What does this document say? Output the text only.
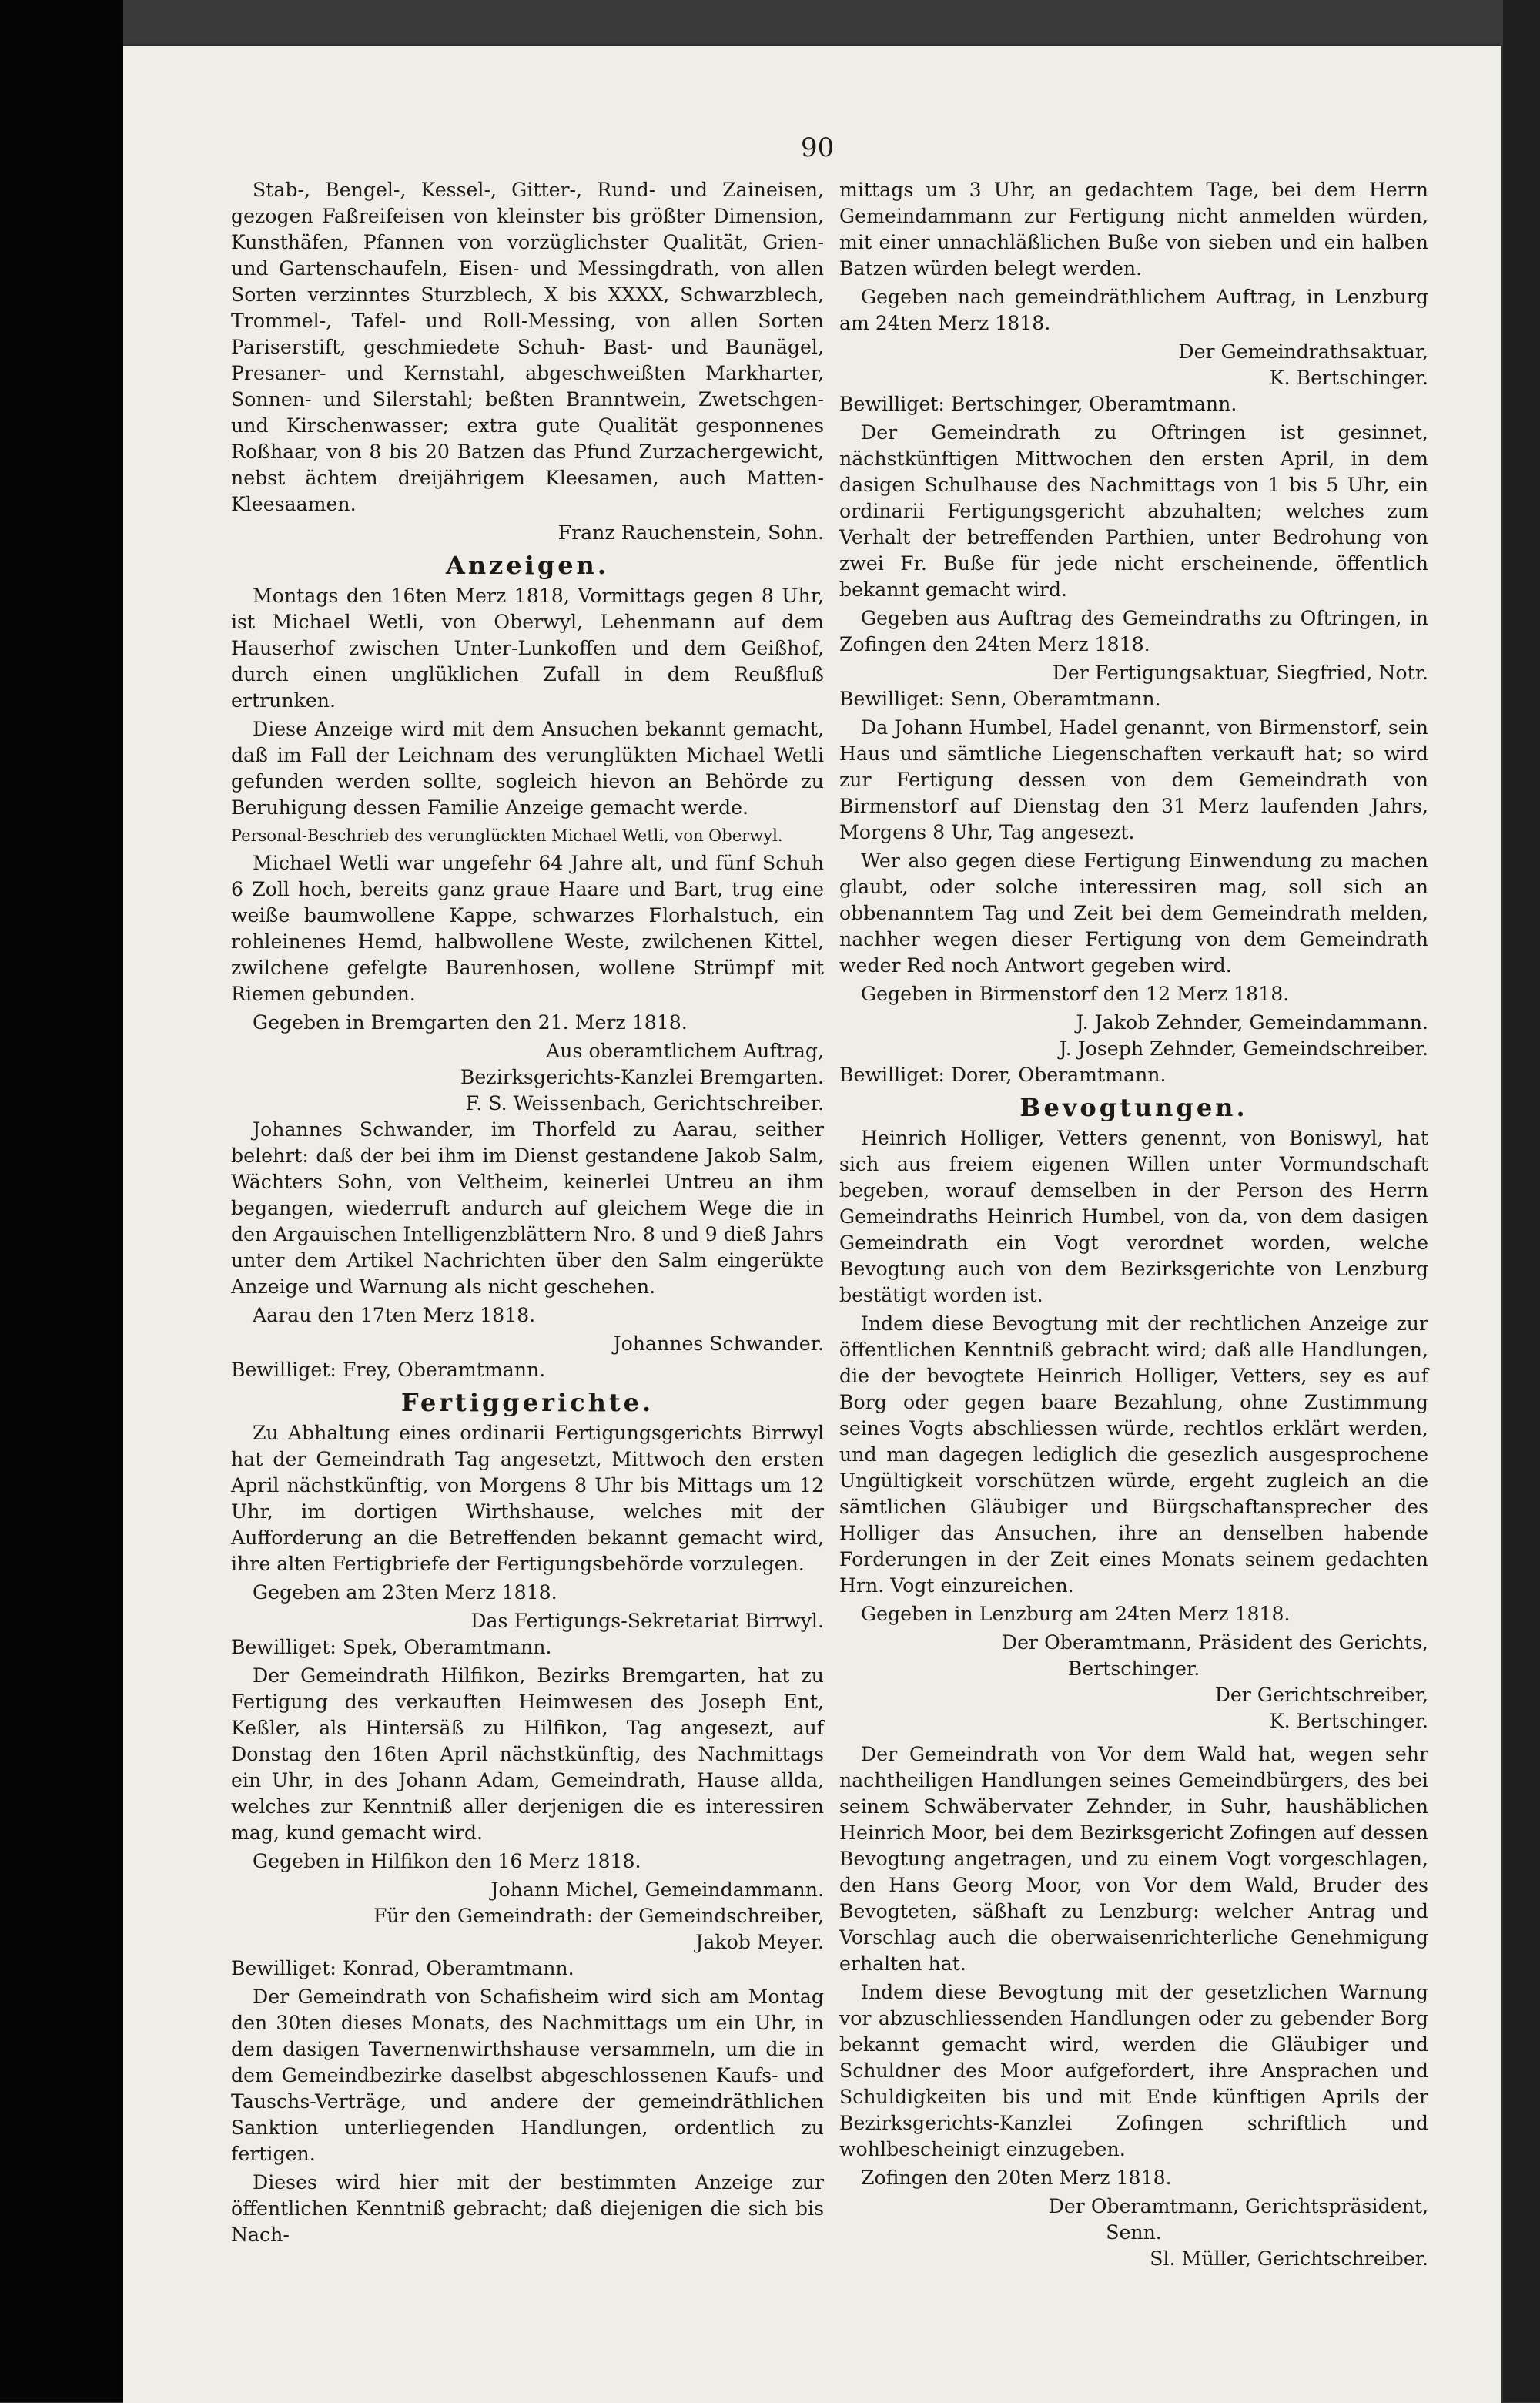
90

Stab-, Bengel-, Kessel-, Gitter-, Rund- und Zaineisen, gezogen Faßreifeisen von kleinster bis größter Dimension, Kunsthäfen, Pfannen von vorzüglichster Qualität, Grien- und Gartenschaufeln, Eisen- und Messingdrath, von allen Sorten verzinntes Sturzblech, X bis XXXX, Schwarzblech, Trommel-, Tafel- und Roll-Messing, von allen Sorten Pariserstift, geschmiedete Schuh- Bast- und Baunägel, Presaner- und Kernstahl, abgeschweißten Markharter, Sonnen- und Silerstahl; beßten Branntwein, Zwetschgen- und Kirschenwasser; extra gute Qualität gesponnenes Roßhaar, von 8 bis 20 Batzen das Pfund Zurzachergewicht, nebst ächtem dreijährigem Kleesamen, auch Matten-Kleesaamen.

Franz Rauchenstein, Sohn.

Anzeigen.

Montags den 16ten Merz 1818, Vormittags gegen 8 Uhr, ist Michael Wetli, von Oberwyl, Lehenmann auf dem Hauserhof zwischen Unter-Lunkoffen und dem Geißhof, durch einen unglüklichen Zufall in dem Reußfluß ertrunken.

Diese Anzeige wird mit dem Ansuchen bekannt gemacht, daß im Fall der Leichnam des verunglükten Michael Wetli gefunden werden sollte, sogleich hievon an Behörde zu Beruhigung dessen Familie Anzeige gemacht werde.

Personal-Beschrieb des verunglückten Michael Wetli, von Oberwyl.

Michael Wetli war ungefehr 64 Jahre alt, und fünf Schuh 6 Zoll hoch, bereits ganz graue Haare und Bart, trug eine weiße baumwollene Kappe, schwarzes Florhalstuch, ein rohleinenes Hemd, halbwollene Weste, zwilchenen Kittel, zwilchene gefelgte Baurenhosen, wollene Strümpf mit Riemen gebunden.

Gegeben in Bremgarten den 21. Merz 1818.

Aus oberamtlichem Auftrag,

Bezirksgerichts-Kanzlei Bremgarten.

F. S. Weissenbach, Gerichtschreiber.

Johannes Schwander, im Thorfeld zu Aarau, seither belehrt: daß der bei ihm im Dienst gestandene Jakob Salm, Wächters Sohn, von Veltheim, keinerlei Untreu an ihm begangen, wiederruft andurch auf gleichem Wege die in den Argauischen Intelligenzblättern Nro. 8 und 9 dieß Jahrs unter dem Artikel Nachrichten über den Salm eingerükte Anzeige und Warnung als nicht geschehen.

Aarau den 17ten Merz 1818.

Johannes Schwander.

Bewilliget: Frey, Oberamtmann.

Fertiggerichte.

Zu Abhaltung eines ordinarii Fertigungsgerichts Birrwyl hat der Gemeindrath Tag angesetzt, Mittwoch den ersten April nächstkünftig, von Morgens 8 Uhr bis Mittags um 12 Uhr, im dortigen Wirthshause, welches mit der Aufforderung an die Betreffenden bekannt gemacht wird, ihre alten Fertigbriefe der Fertigungsbehörde vorzulegen.

Gegeben am 23ten Merz 1818.

Das Fertigungs-Sekretariat Birrwyl.

Bewilliget: Spek, Oberamtmann.

Der Gemeindrath Hilfikon, Bezirks Bremgarten, hat zu Fertigung des verkauften Heimwesen des Joseph Ent, Keßler, als Hintersäß zu Hilfikon, Tag angesezt, auf Donstag den 16ten April nächstkünftig, des Nachmittags ein Uhr, in des Johann Adam, Gemeindrath, Hause allda, welches zur Kenntniß aller derjenigen die es interessiren mag, kund gemacht wird.

Gegeben in Hilfikon den 16 Merz 1818.

Johann Michel, Gemeindammann.

Für den Gemeindrath: der Gemeindschreiber,

Jakob Meyer.

Bewilliget: Konrad, Oberamtmann.

Der Gemeindrath von Schafisheim wird sich am Montag den 30ten dieses Monats, des Nachmittags um ein Uhr, in dem dasigen Tavernenwirthshause versammeln, um die in dem Gemeindbezirke daselbst abgeschlossenen Kaufs- und Tauschs-Verträge, und andere der gemeindräthlichen Sanktion unterliegenden Handlungen, ordentlich zu fertigen.

Dieses wird hier mit der bestimmten Anzeige zur öffentlichen Kenntniß gebracht; daß diejenigen die sich bis Nach-

mittags um 3 Uhr, an gedachtem Tage, bei dem Herrn Gemeindammann zur Fertigung nicht anmelden würden, mit einer unnachläßlichen Buße von sieben und ein halben Batzen würden belegt werden.

Gegeben nach gemeindräthlichem Auftrag, in Lenzburg am 24ten Merz 1818.

Der Gemeindrathsaktuar,

K. Bertschinger.

Bewilliget: Bertschinger, Oberamtmann.

Der Gemeindrath zu Oftringen ist gesinnet, nächstkünftigen Mittwochen den ersten April, in dem dasigen Schulhause des Nachmittags von 1 bis 5 Uhr, ein ordinarii Fertigungsgericht abzuhalten; welches zum Verhalt der betreffenden Parthien, unter Bedrohung von zwei Fr. Buße für jede nicht erscheinende, öffentlich bekannt gemacht wird.

Gegeben aus Auftrag des Gemeindraths zu Oftringen, in Zofingen den 24ten Merz 1818.

Der Fertigungsaktuar, Siegfried, Notr.

Bewilliget: Senn, Oberamtmann.

Da Johann Humbel, Hadel genannt, von Birmenstorf, sein Haus und sämtliche Liegenschaften verkauft hat; so wird zur Fertigung dessen von dem Gemeindrath von Birmenstorf auf Dienstag den 31 Merz laufenden Jahrs, Morgens 8 Uhr, Tag angesezt.

Wer also gegen diese Fertigung Einwendung zu machen glaubt, oder solche interessiren mag, soll sich an obbenanntem Tag und Zeit bei dem Gemeindrath melden, nachher wegen dieser Fertigung von dem Gemeindrath weder Red noch Antwort gegeben wird.

Gegeben in Birmenstorf den 12 Merz 1818.

J. Jakob Zehnder, Gemeindammann.

J. Joseph Zehnder, Gemeindschreiber.

Bewilliget: Dorer, Oberamtmann.

Bevogtungen.

Heinrich Holliger, Vetters genennt, von Boniswyl, hat sich aus freiem eigenen Willen unter Vormundschaft begeben, worauf demselben in der Person des Herrn Gemeindraths Heinrich Humbel, von da, von dem dasigen Gemeindrath ein Vogt verordnet worden, welche Bevogtung auch von dem Bezirksgerichte von Lenzburg bestätigt worden ist.

Indem diese Bevogtung mit der rechtlichen Anzeige zur öffentlichen Kenntniß gebracht wird; daß alle Handlungen, die der bevogtete Heinrich Holliger, Vetters, sey es auf Borg oder gegen baare Bezahlung, ohne Zustimmung seines Vogts abschliessen würde, rechtlos erklärt werden, und man dagegen lediglich die gesezlich ausgesprochene Ungültigkeit vorschützen würde, ergeht zugleich an die sämtlichen Gläubiger und Bürgschaftansprecher des Holliger das Ansuchen, ihre an denselben habende Forderungen in der Zeit eines Monats seinem gedachten Hrn. Vogt einzureichen.

Gegeben in Lenzburg am 24ten Merz 1818.

Der Oberamtmann, Präsident des Gerichts,

Bertschinger.

Der Gerichtschreiber,

K. Bertschinger.

Der Gemeindrath von Vor dem Wald hat, wegen sehr nachtheiligen Handlungen seines Gemeindbürgers, des bei seinem Schwäbervater Zehnder, in Suhr, haushäblichen Heinrich Moor, bei dem Bezirksgericht Zofingen auf dessen Bevogtung angetragen, und zu einem Vogt vorgeschlagen, den Hans Georg Moor, von Vor dem Wald, Bruder des Bevogteten, säßhaft zu Lenzburg: welcher Antrag und Vorschlag auch die oberwaisenrichterliche Genehmigung erhalten hat.

Indem diese Bevogtung mit der gesetzlichen Warnung vor abzuschliessenden Handlungen oder zu gebender Borg bekannt gemacht wird, werden die Gläubiger und Schuldner des Moor aufgefordert, ihre Ansprachen und Schuldigkeiten bis und mit Ende künftigen Aprils der Bezirksgerichts-Kanzlei Zofingen schriftlich und wohlbescheinigt einzugeben.

Zofingen den 20ten Merz 1818.

Der Oberamtmann, Gerichtspräsident,

Senn.

Sl. Müller, Gerichtschreiber.
